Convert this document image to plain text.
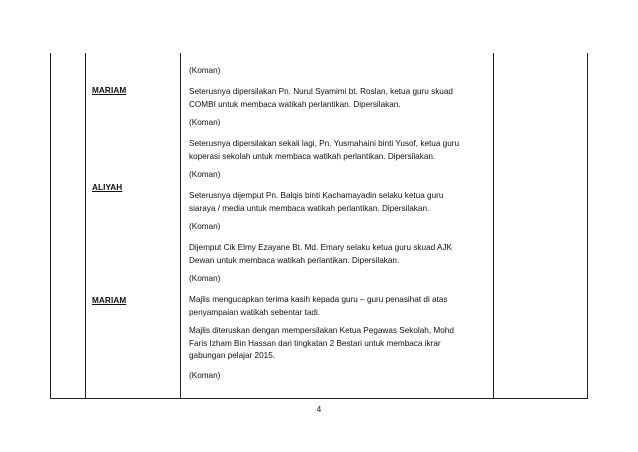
MARIAM
ALIYAH
MARIAM
(Koman)
Seterusnya dipersilakan Pn. Nurul Syamimi bt. Roslan, ketua guru skuad
COMBI untuk membaca watikah perlantikan. Dipersilakan.
(Koman)
Seterusnya dipersilakan sekali lagi, Pn. Yusmahaini binti Yusof, ketua guru
koperasi sekolah untuk membaca watikah perlantikan. Dipersilakan.
(Koman)
Seterusnya dijemput Pn. Balqis binti Kachamayadin selaku ketua guru
siaraya / media untuk membaca watikah perlantikan. Dipersilakan.
(Koman)
Dijemput Cik Elmy Ezayane Bt. Md. Emary selaku ketua guru skuad AJK
Dewan untuk membaca watikah perlantikan. Dipersilakan.
(Koman)
Majlis mengucapkan terima kasih kepada guru – guru penasihat di atas
penyampaian watikah sebentar tadi.
Majlis diteruskan dengan mempersilakan Ketua Pegawas Sekolah, Mohd
Faris Izham Bin Hassan dari tingkatan 2 Bestari untuk membaca ikrar
gabungan pelajar 2015.
(Koman)
4
